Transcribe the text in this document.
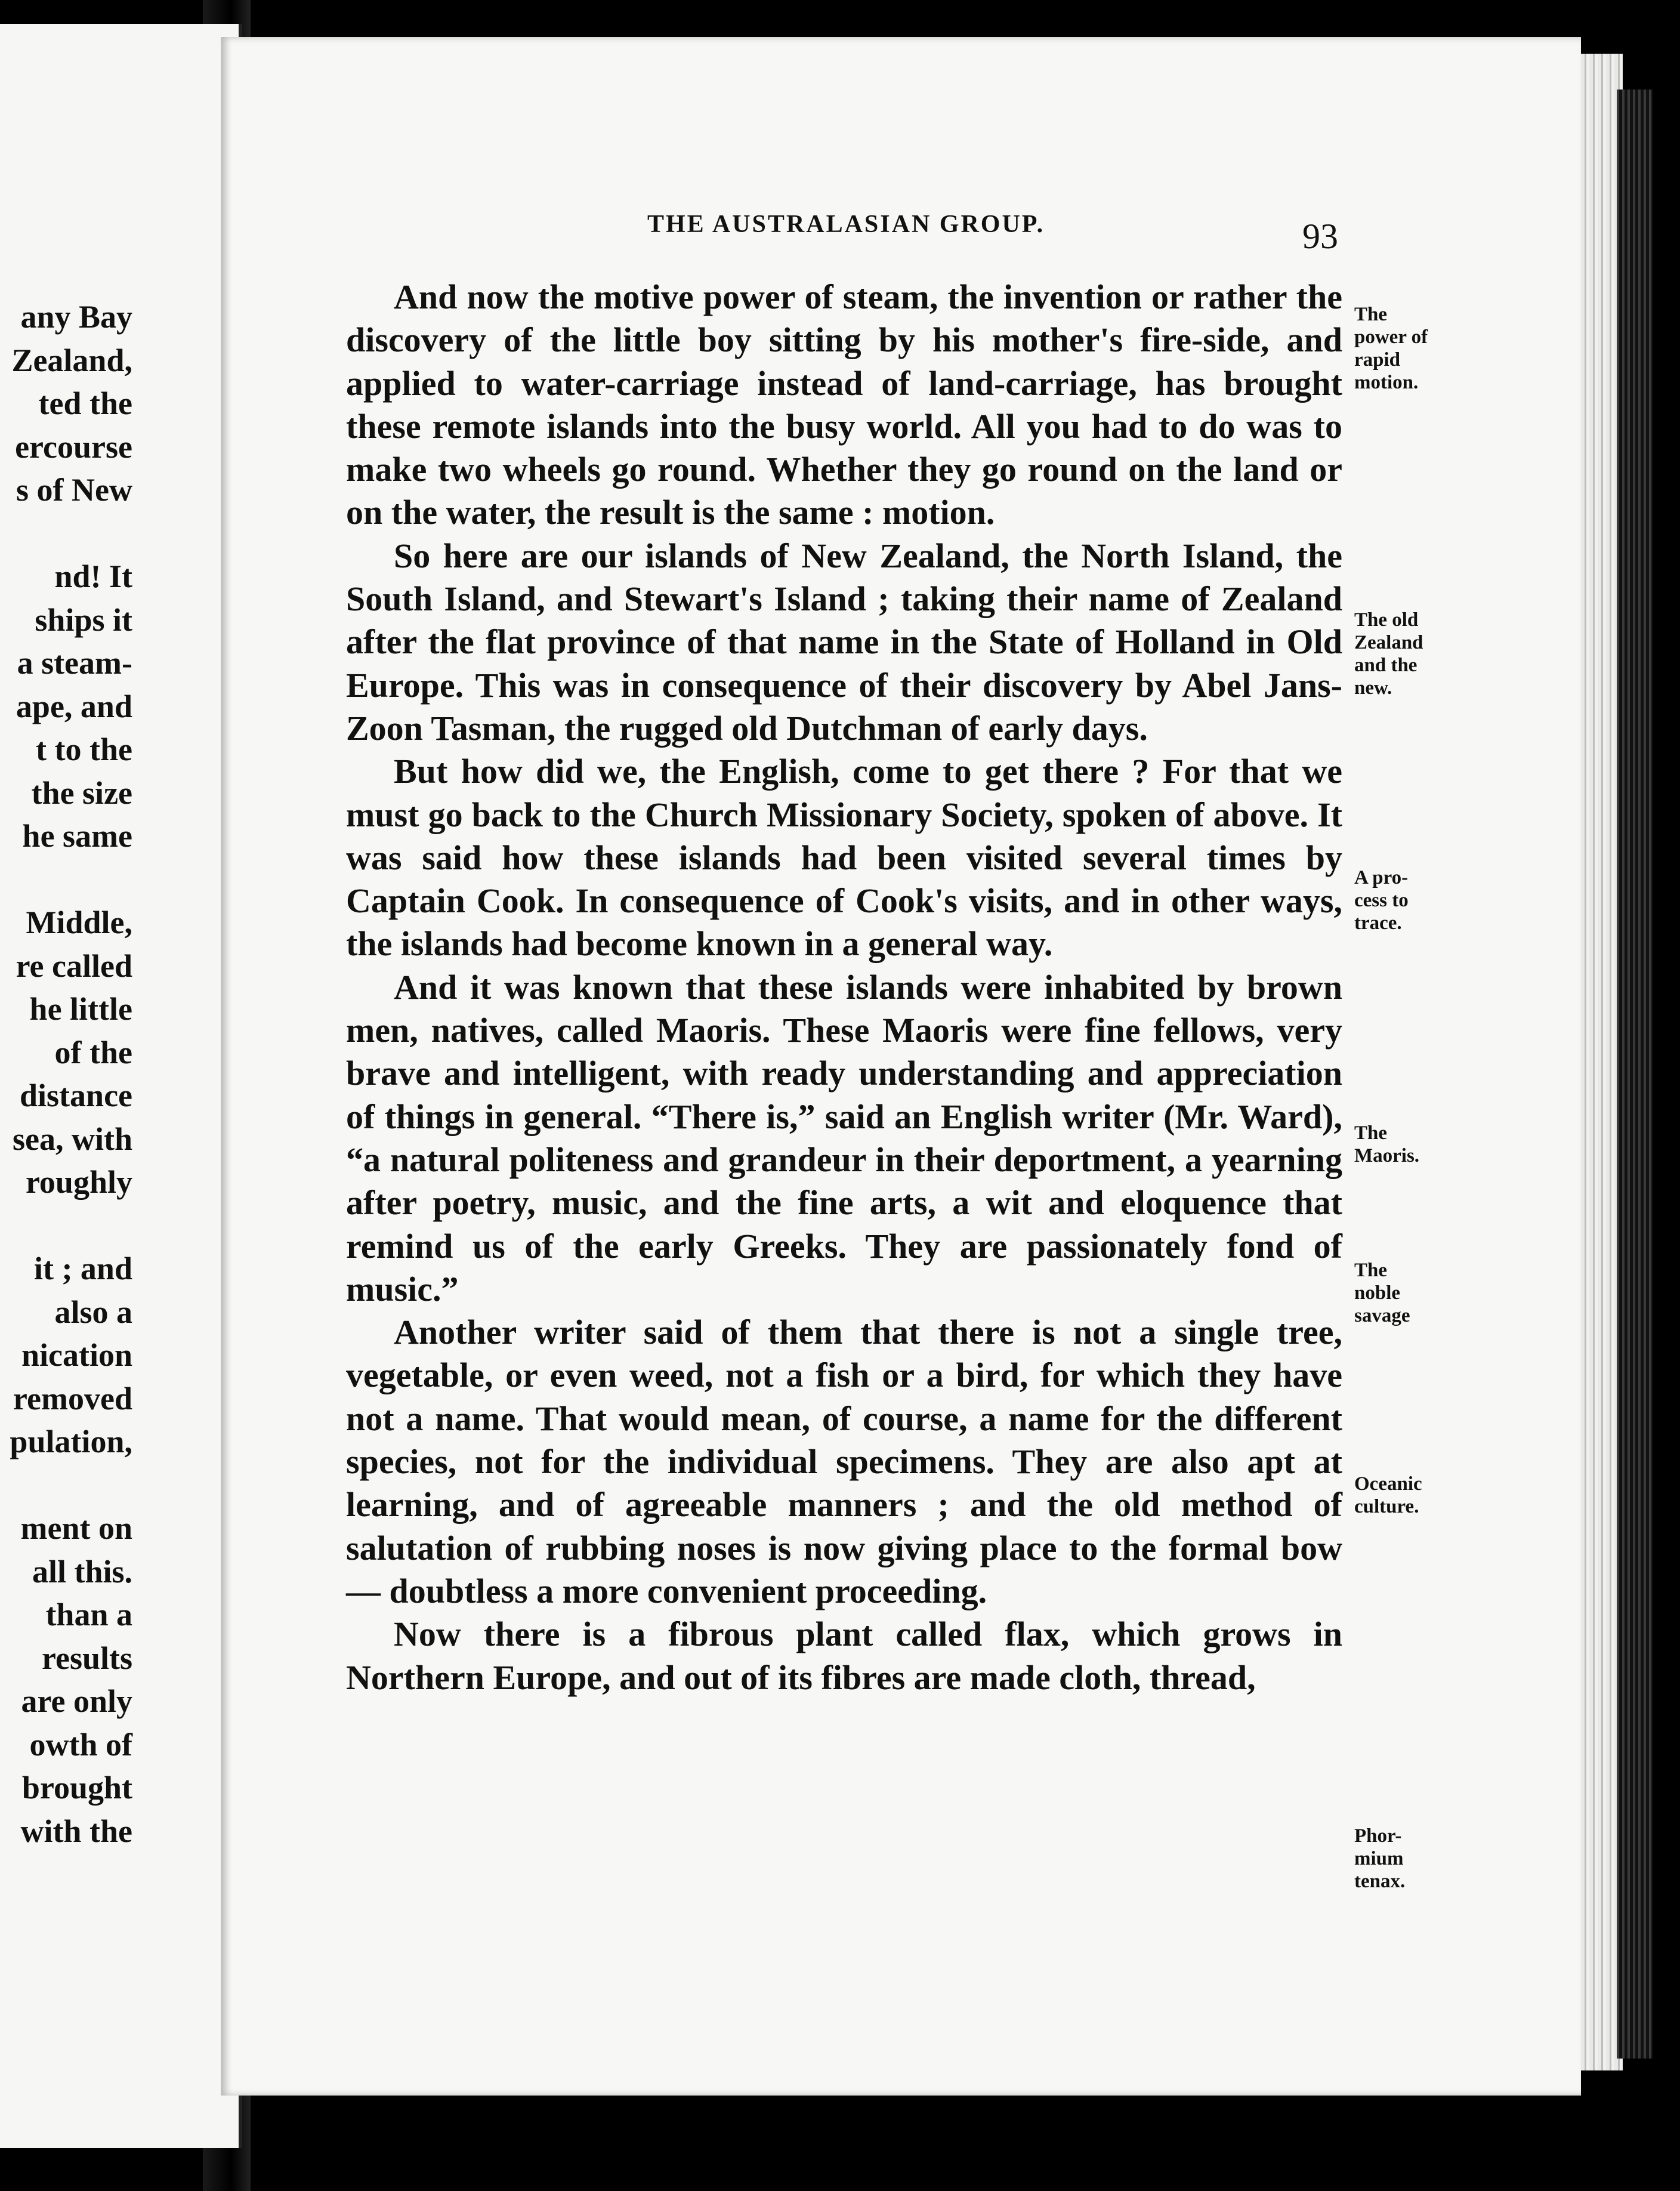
any Bay
Zealand,
ted the
ercourse
s of New
nd! It
ships it
a steam-
ape, and
t to the
the size
he same
Middle,
re called
he little
of the
distance
sea, with
roughly
it ; and
also a
nication
removed
pulation,
ment on
all this.
than a
results
are only
owth of
brought
with the
THE AUSTRALASIAN GROUP.	93

And now the motive power of steam, the invention or rather the discovery of the little boy sitting by his mother's fire-side, and applied to water-carriage instead of land-carriage, has brought these remote islands into the busy world. All you had to do was to make two wheels go round. Whether they go round on the land or on the water, the result is the same : motion.

So here are our islands of New Zealand, the North Island, the South Island, and Stewart's Island ; taking their name of Zealand after the flat province of that name in the State of Holland in Old Europe. This was in consequence of their discovery by Abel Jans-Zoon Tasman, the rugged old Dutchman of early days.

But how did we, the English, come to get there ? For that we must go back to the Church Missionary Society, spoken of above. It was said how these islands had been visited several times by Captain Cook. In consequence of Cook's visits, and in other ways, the islands had become known in a general way.

And it was known that these islands were inhabited by brown men, natives, called Maoris. These Maoris were fine fellows, very brave and intelligent, with ready understanding and appreciation of things in general. “There is,” said an English writer (Mr. Ward), “a natural politeness and grandeur in their deportment, a yearning after poetry, music, and the fine arts, a wit and eloquence that remind us of the early Greeks. They are passionately fond of music.”

Another writer said of them that there is not a single tree, vegetable, or even weed, not a fish or a bird, for which they have not a name. That would mean, of course, a name for the different species, not for the individual specimens. They are also apt at learning, and of agreeable manners ; and the old method of salutation of rubbing noses is now giving place to the formal bow — doubtless a more convenient proceeding.

Now there is a fibrous plant called flax, which grows in Northern Europe, and out of its fibres are made cloth, thread,

The
power of
rapid
motion.
The old
Zealand
and the
new.
A pro-
cess to
trace.
The
Maoris.
The
noble
savage
Oceanic
culture.
Phor-
mium
tenax.
